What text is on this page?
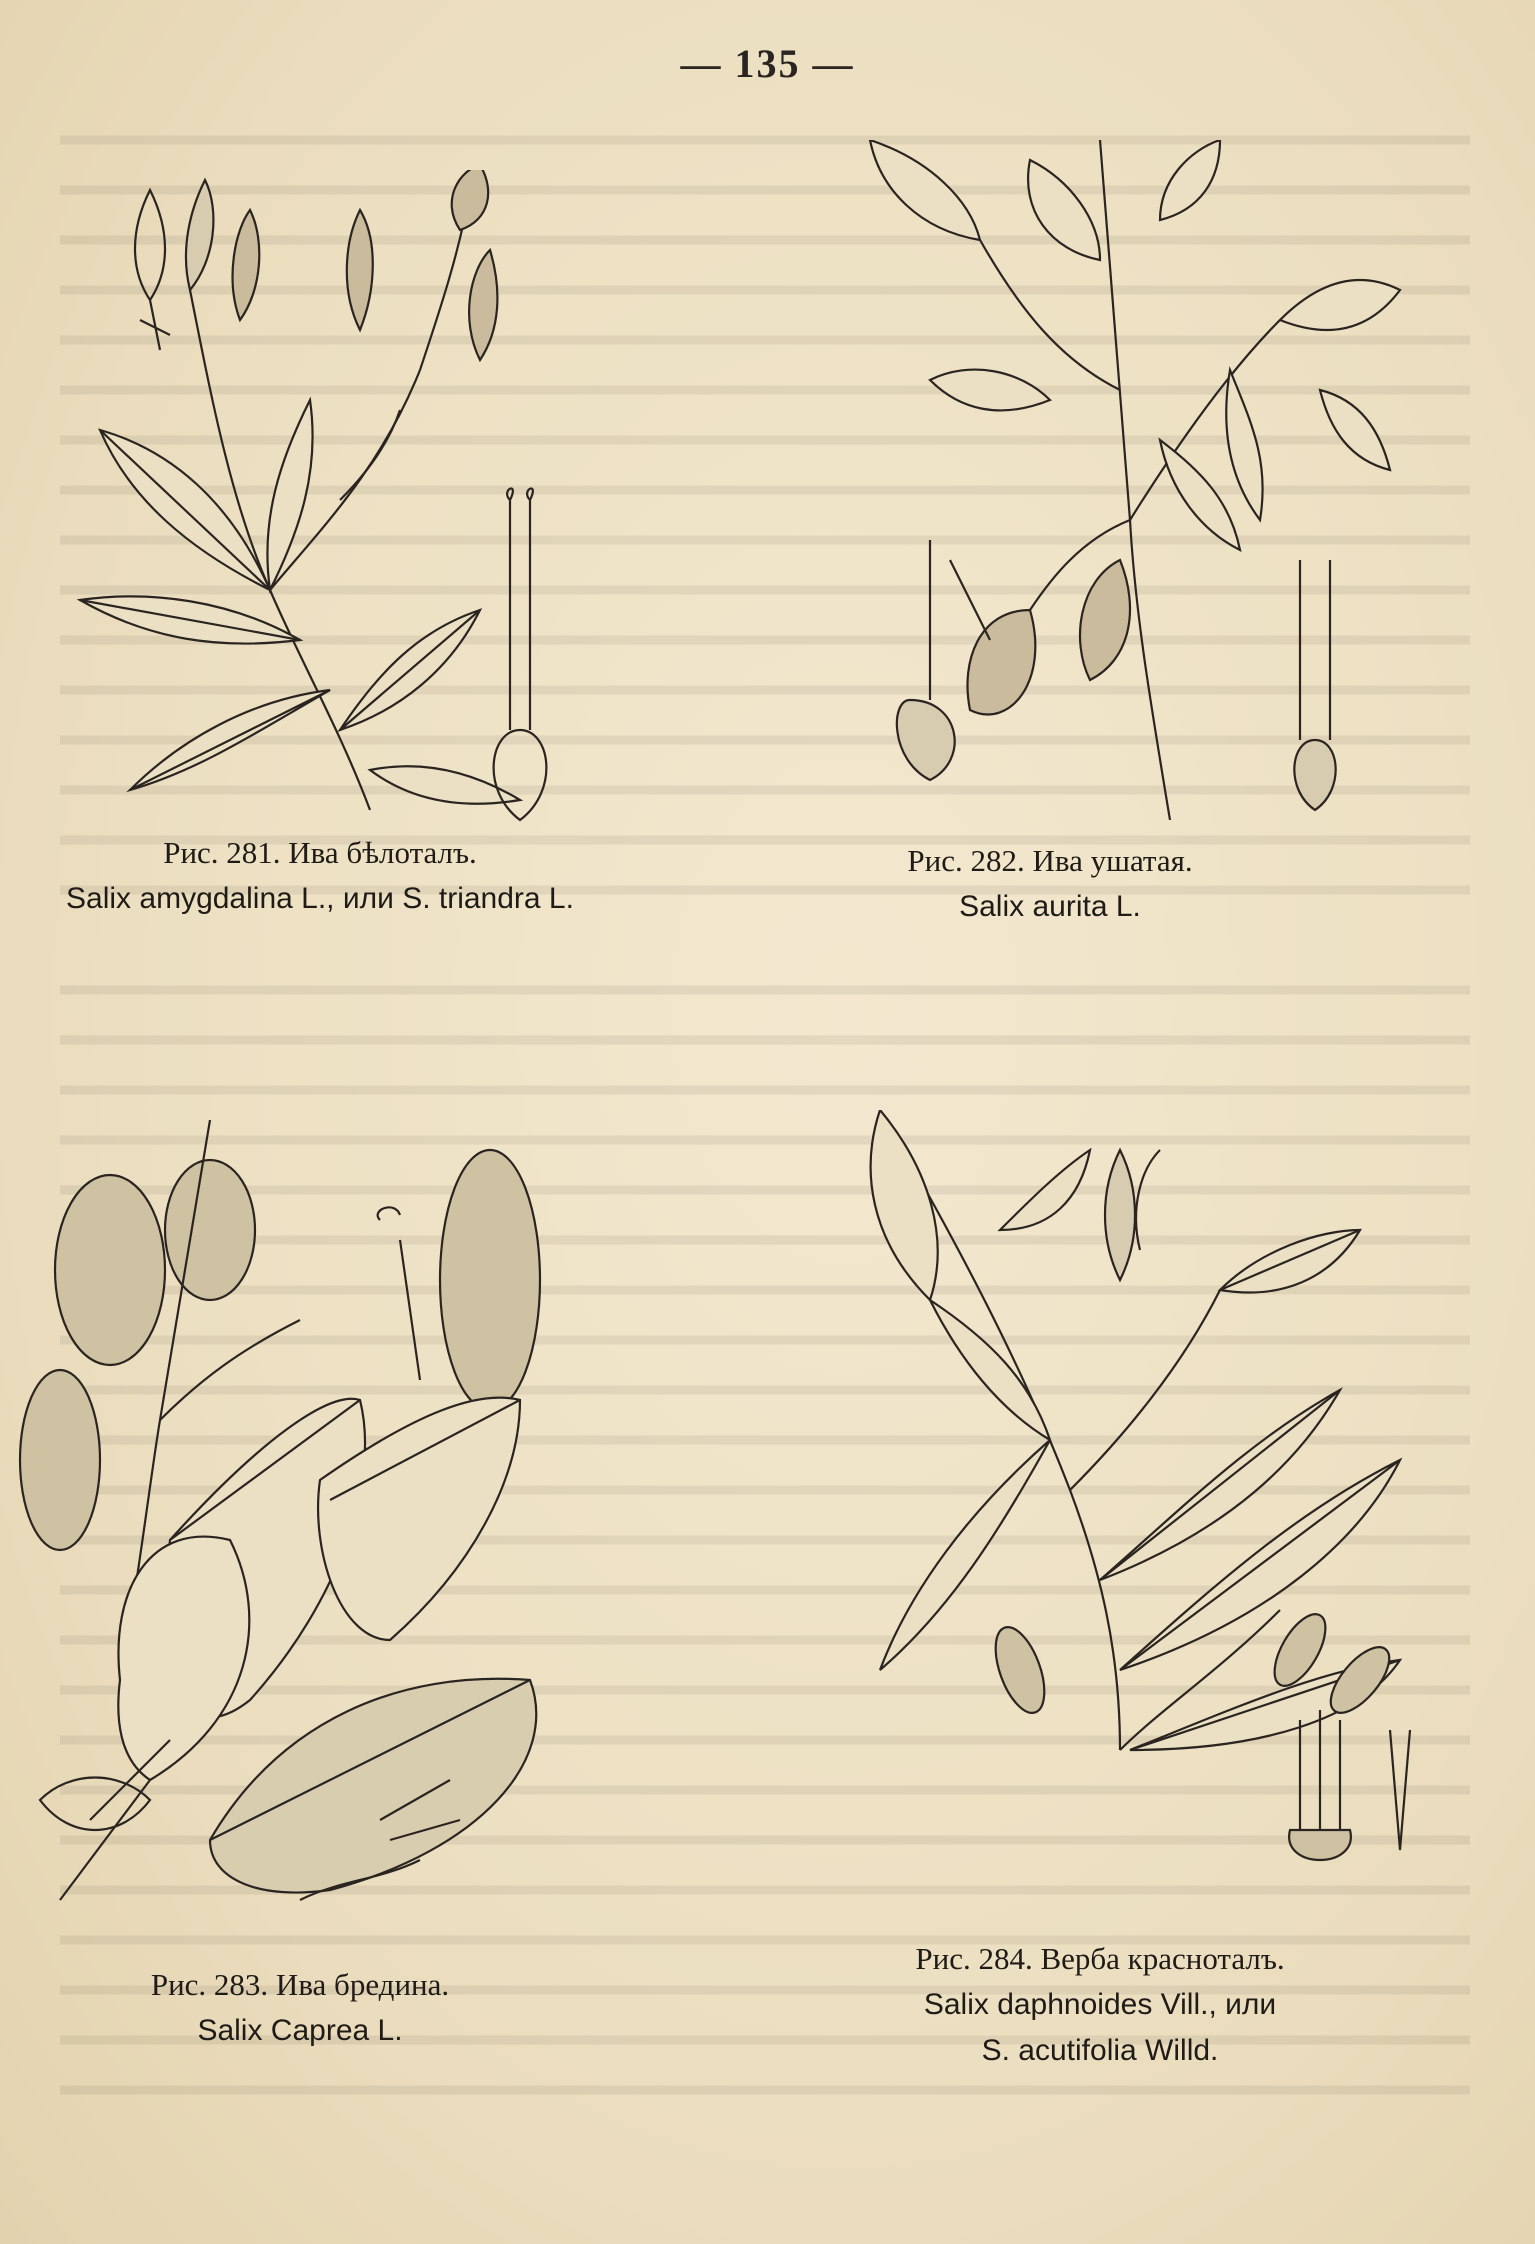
— 135 —
Рис. 281. Ива бѣлоталъ.
Salix amygdalina L., или S. triandra L.
Рис. 282. Ива ушатая.
Salix aurita L.
Рис. 283. Ива бредина.
Salix Caprea L.
Рис. 284. Верба красноталъ.
Salix daphnoides Vill., или
S. acutifolia Willd.
